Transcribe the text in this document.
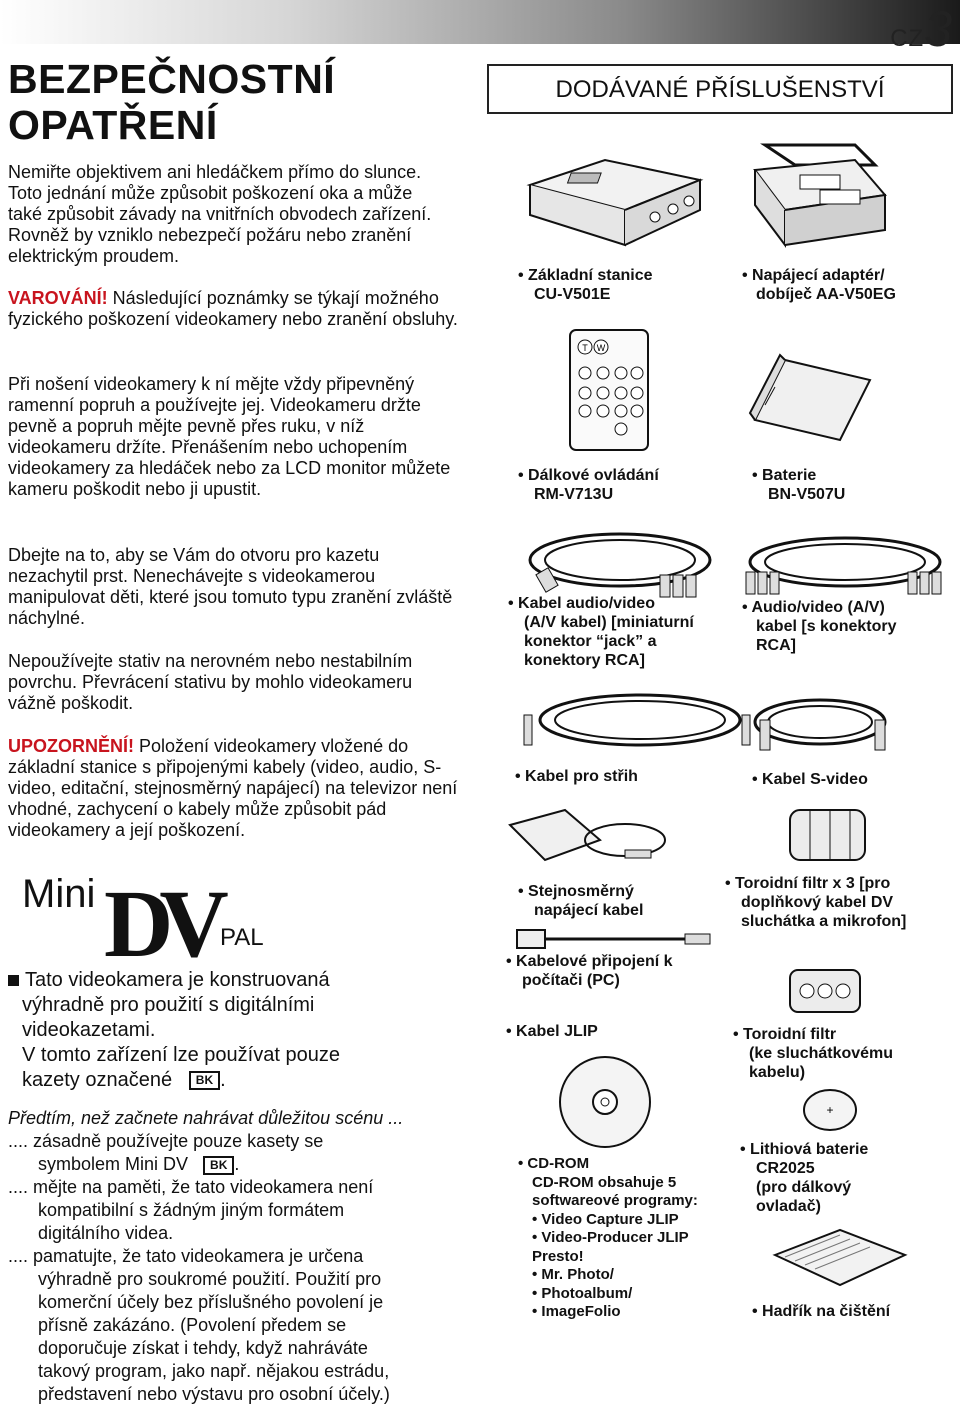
CZ3
BEZPEČNOSTNÍ
OPATŘENÍ
Nemiřte objektivem ani hledáčkem přímo do slunce. Toto jednání může způsobit poškození oka a může také způsobit závady na vnitřních obvodech zařízení. Rovněž by vzniklo nebezpečí požáru nebo zranění elektrickým proudem.
VAROVÁNÍ! Následující poznámky se týkají možného fyzického poškození videokamery nebo zranění obsluhy.
Při nošení videokamery k ní mějte vždy připevněný ramenní popruh a používejte jej. Videokameru držte pevně a popruh mějte pevně přes ruku, v níž videokameru držíte. Přenášením nebo uchopením videokamery za hledáček nebo za LCD monitor můžete kameru poškodit nebo ji upustit.
Dbejte na to, aby se Vám do otvoru pro kazetu nezachytil prst. Nenechávejte s videokamerou manipulovat děti, které jsou tomuto typu zranění zvláště náchylné.
Nepoužívejte stativ na nerovném nebo nestabilním povrchu. Převrácení stativu by mohlo videokameru vážně poškodit.
UPOZORNĚNÍ! Položení videokamery vložené do základní stanice s připojenými kabely (video, audio, S-video, editační, stejnosměrný napájecí) na televizor není vhodné, zachycení o kabely může způsobit pád videokamery a její poškození.
Mini DV PAL
Tato videokamera je konstruovaná
výhradně pro použití s digitálními
videokazetami.
V tomto zařízení lze používat pouze
kazety označené BK .
Předtím, než začnete nahrávat důležitou scénu ...
.... zásadně používejte pouze kasety se
symbolem Mini DV BK .
.... mějte na paměti, že tato videokamera není
kompatibilní s žádným jiným formátem
digitálního videa.
.... pamatujte, že tato videokamera je určena
výhradně pro soukromé použití. Použití pro
komerční účely bez příslušného povolení je
přísně zakázáno. (Povolení předem se
doporučuje získat i tehdy, když nahráváte
takový program, jako např. nějakou estrádu,
představení nebo výstavu pro osobní účely.)
DODÁVANÉ PŘÍSLUŠENSTVÍ
• Základní stanice
CU-V501E
• Napájecí adaptér/
dobíječ AA-V50EG
T W
• Dálkové ovládání
RM-V713U
• Baterie
BN-V507U
• Kabel audio/video
(A/V kabel) [miniaturní
konektor “jack” a
konektory RCA]
• Audio/video (A/V)
kabel [s konektory
RCA]
• Kabel pro střih	• Kabel S-video
• Stejnosměrný
napájecí kabel
• Kabelové připojení k
počítači (PC)
• Kabel JLIP
• CD-ROM
CD-ROM obsahuje 5
softwareové programy:
• Video Capture JLIP
• Video-Producer JLIP
Presto!
• Mr. Photo/
• Photoalbum/
• ImageFolio
• Toroidní filtr x 3 [pro
doplňkový kabel DV
sluchátka a mikrofon]
• Toroidní filtr
(ke sluchátkovému
kabelu)
+
• Lithiová baterie
CR2025
(pro dálkový
ovladač)
• Hadřík na čištění
